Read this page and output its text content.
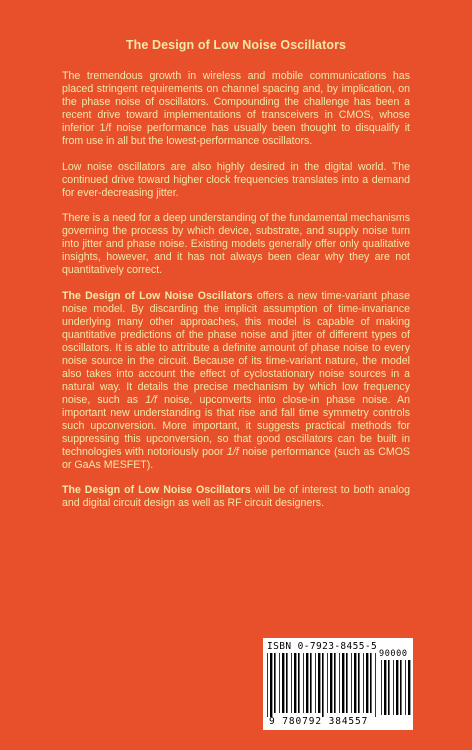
The Design of Low Noise Oscillators

The tremendous growth in wireless and mobile communications has placed stringent requirements on channel spacing and, by implication, on the phase noise of oscillators. Compounding the challenge has been a recent drive toward implementations of transceivers in CMOS, whose inferior 1/f noise performance has usually been thought to disqualify it from use in all but the lowest-performance oscillators.

Low noise oscillators are also highly desired in the digital world. The continued drive toward higher clock frequencies translates into a demand for ever-decreasing jitter.

There is a need for a deep understanding of the fundamental mechanisms governing the process by which device, substrate, and supply noise turn into jitter and phase noise. Existing models generally offer only qualitative insights, however, and it has not always been clear why they are not quantitatively correct.

The Design of Low Noise Oscillators offers a new time-variant phase noise model. By discarding the implicit assumption of time-invariance underlying many other approaches, this model is capable of making quantitative predictions of the phase noise and jitter of different types of oscillators. It is able to attribute a definite amount of phase noise to every noise source in the circuit. Because of its time-variant nature, the model also takes into account the effect of cyclostationary noise sources in a natural way. It details the precise mechanism by which low frequency noise, such as 1/f noise, upconverts into close-in phase noise. An important new understanding is that rise and fall time symmetry controls such upconversion. More important, it suggests practical methods for suppressing this upconversion, so that good oscillators can be built in technologies with notoriously poor 1/f noise performance (such as CMOS or GaAs MESFET).

The Design of Low Noise Oscillators will be of interest to both analog and digital circuit design as well as RF circuit designers.

ISBN 0-7923-8455-5
90000
9 780792 384557
